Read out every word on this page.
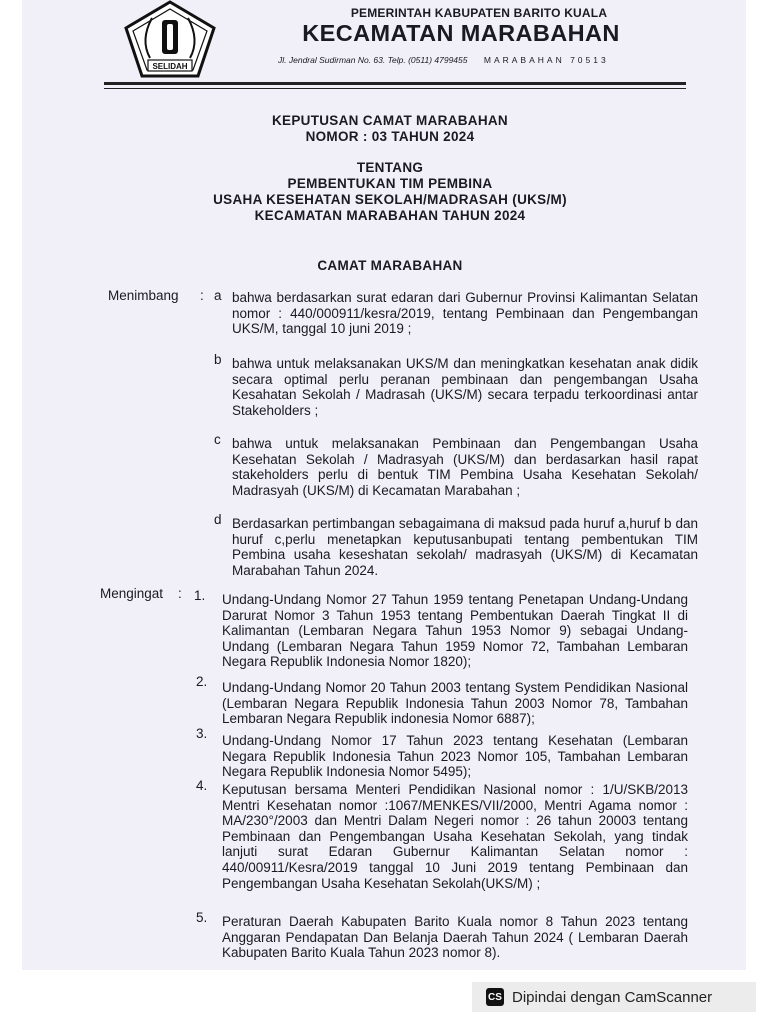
SELIDAH
PEMERINTAH KABUPATEN BARITO KUALA
KECAMATAN MARABAHAN
Jl. Jendral Sudirman No. 63. Telp. (0511) 4799455 MARABAHAN 70513
KEPUTUSAN CAMAT MARABAHAN
NOMOR : 03 TAHUN 2024
TENTANG
PEMBENTUKAN TIM PEMBINA
USAHA KESEHATAN SEKOLAH/MADRASAH (UKS/M)
KECAMATAN MARABAHAN TAHUN 2024
CAMAT MARABAHAN
Menimbang : a bahwa berdasarkan surat edaran dari Gubernur Provinsi Kalimantan Selatan nomor : 440/000911/kesra/2019, tentang Pembinaan dan Pengembangan UKS/M, tanggal 10 juni 2019 ;
b bahwa untuk melaksanakan UKS/M dan meningkatkan kesehatan anak didik secara optimal perlu peranan pembinaan dan pengembangan Usaha Kesahatan Sekolah / Madrasah (UKS/M) secara terpadu terkoordinasi antar Stakeholders ;
c bahwa untuk melaksanakan Pembinaan dan Pengembangan Usaha Kesehatan Sekolah / Madrasyah (UKS/M) dan berdasarkan hasil rapat stakeholders perlu di bentuk TIM Pembina Usaha Kesehatan Sekolah/ Madrasyah (UKS/M) di Kecamatan Marabahan ;
d Berdasarkan pertimbangan sebagaimana di maksud pada huruf a,huruf b dan huruf c,perlu menetapkan keputusanbupati tentang pembentukan TIM Pembina usaha keseshatan sekolah/ madrasyah (UKS/M) di Kecamatan Marabahan Tahun 2024.
Mengingat : 1. Undang-Undang Nomor 27 Tahun 1959 tentang Penetapan Undang-Undang Darurat Nomor 3 Tahun 1953 tentang Pembentukan Daerah Tingkat II di Kalimantan (Lembaran Negara Tahun 1953 Nomor 9) sebagai Undang-Undang (Lembaran Negara Tahun 1959 Nomor 72, Tambahan Lembaran Negara Republik Indonesia Nomor 1820);
2. Undang-Undang Nomor 20 Tahun 2003 tentang System Pendidikan Nasional (Lembaran Negara Republik Indonesia Tahun 2003 Nomor 78, Tambahan Lembaran Negara Republik indonesia Nomor 6887);
3. Undang-Undang Nomor 17 Tahun 2023 tentang Kesehatan (Lembaran Negara Republik Indonesia Tahun 2023 Nomor 105, Tambahan Lembaran Negara Republik Indonesia Nomor 5495);
4. Keputusan bersama Menteri Pendidikan Nasional nomor : 1/U/SKB/2013 Mentri Kesehatan nomor :1067/MENKES/VII/2000, Mentri Agama nomor : MA/230°/2003 dan Mentri Dalam Negeri nomor : 26 tahun 20003 tentang Pembinaan dan Pengembangan Usaha Kesehatan Sekolah, yang tindak lanjuti surat Edaran Gubernur Kalimantan Selatan nomor : 440/00911/Kesra/2019 tanggal 10 Juni 2019 tentang Pembinaan dan Pengembangan Usaha Kesehatan Sekolah(UKS/M) ;
5. Peraturan Daerah Kabupaten Barito Kuala nomor 8 Tahun 2023 tentang Anggaran Pendapatan Dan Belanja Daerah Tahun 2024 ( Lembaran Daerah Kabupaten Barito Kuala Tahun 2023 nomor 8).
CS Dipindai dengan CamScanner
